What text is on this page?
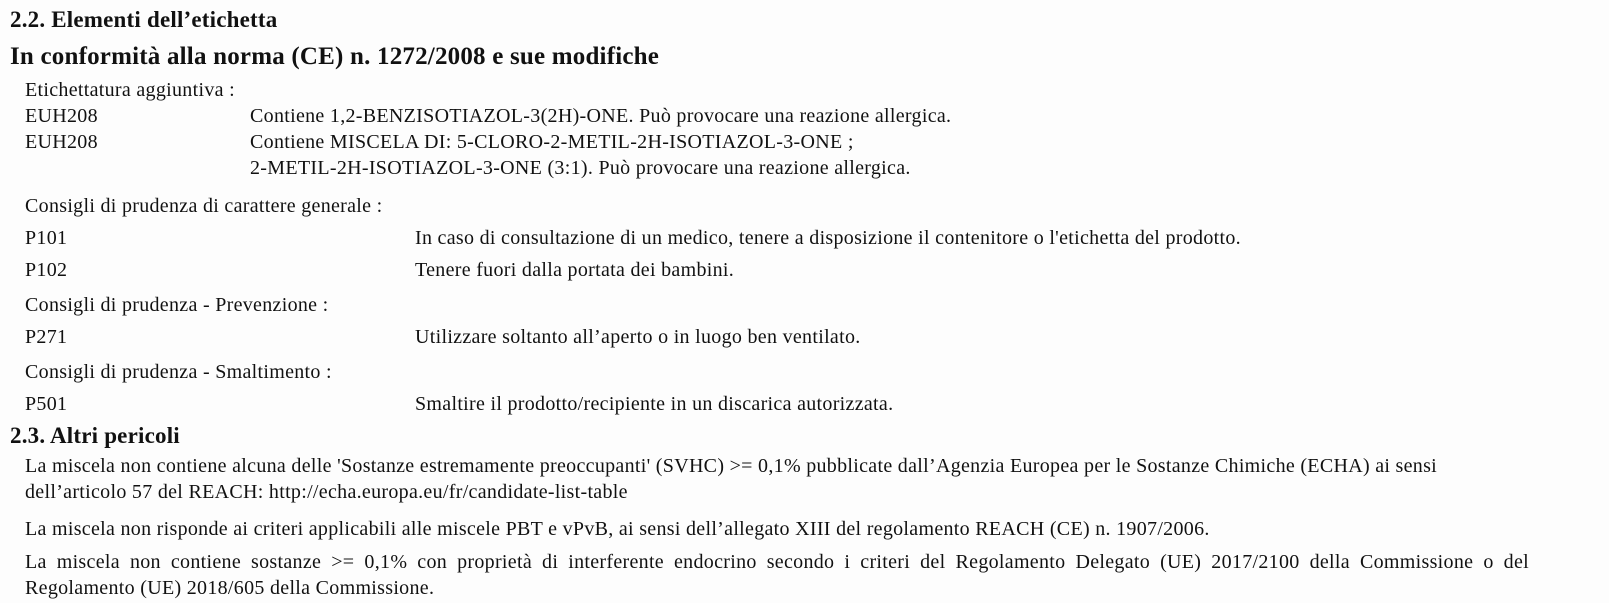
2.2. Elementi dell’etichetta
In conformità alla norma (CE) n. 1272/2008 e sue modifiche
Etichettatura aggiuntiva :
EUH208	Contiene 1,2-BENZISOTIAZOL-3(2H)-ONE. Può provocare una reazione allergica.
EUH208	Contiene MISCELA DI: 5-CLORO-2-METIL-2H-ISOTIAZOL-3-ONE ;
2-METIL-2H-ISOTIAZOL-3-ONE (3:1). Può provocare una reazione allergica.
Consigli di prudenza di carattere generale :
P101	In caso di consultazione di un medico, tenere a disposizione il contenitore o l'etichetta del prodotto.
P102	Tenere fuori dalla portata dei bambini.
Consigli di prudenza - Prevenzione :
P271	Utilizzare soltanto all’aperto o in luogo ben ventilato.
Consigli di prudenza - Smaltimento :
P501	Smaltire il prodotto/recipiente in un discarica autorizzata.
2.3. Altri pericoli

La miscela non contiene alcuna delle 'Sostanze estremamente preoccupanti' (SVHC) >= 0,1% pubblicate dall’Agenzia Europea per le Sostanze Chimiche (ECHA) ai sensi dell’articolo 57 del REACH: http://echa.europa.eu/fr/candidate-list-table

La miscela non risponde ai criteri applicabili alle miscele PBT e vPvB, ai sensi dell’allegato XIII del regolamento REACH (CE) n. 1907/2006.

La miscela non contiene sostanze >= 0,1% con proprietà di interferente endocrino secondo i criteri del Regolamento Delegato (UE) 2017/2100 della Commissione o del Regolamento (UE) 2018/605 della Commissione.
